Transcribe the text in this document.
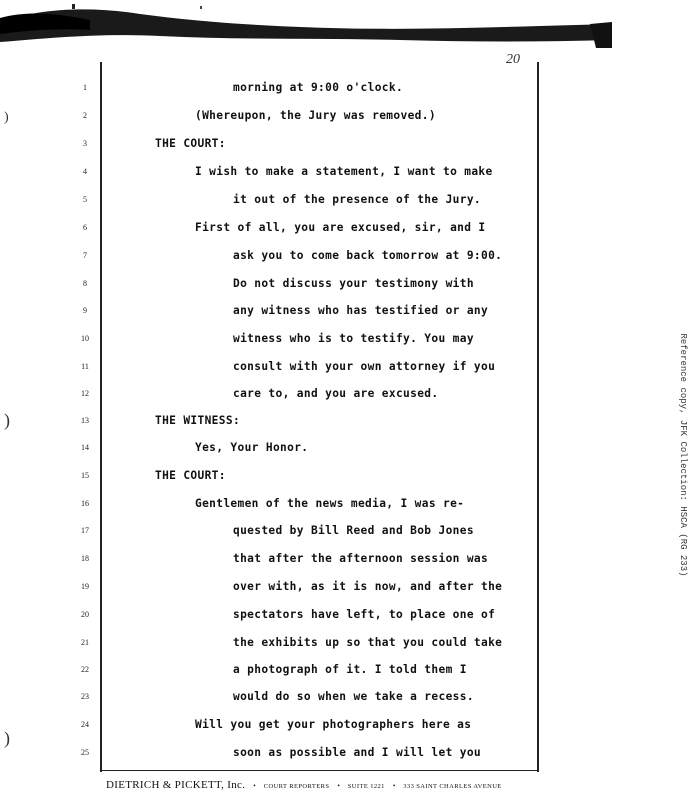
20
1
2
3
4
5
6
7
8
9
10
11
12
13
14
15
16
17
18
19
20
21
22
23
24
25
morning at 9:00 o'clock.
(Whereupon, the Jury was removed.)
THE COURT:
I wish to make a statement, I want to make
it out of the presence of the Jury.
First of all, you are excused, sir, and I
ask you to come back tomorrow at 9:00.
Do not discuss your testimony with
any witness who has testified or any
witness who is to testify. You may
consult with your own attorney if you
care to, and you are excused.
THE WITNESS:
Yes, Your Honor.
THE COURT:
Gentlemen of the news media, I was re-
quested by Bill Reed and Bob Jones
that after the afternoon session was
over with, as it is now, and after the
spectators have left, to place one of
the exhibits up so that you could take
a photograph of it. I told them I
would do so when we take a recess.
Will you get your photographers here as
soon as possible and I will let you
Reference copy, JFK Collection: HSCA (RG 233)
)
)
)
DIETRICH & PICKETT, Inc. • COURT REPORTERS • SUITE 1221 • 333 SAINT CHARLES AVENUE
